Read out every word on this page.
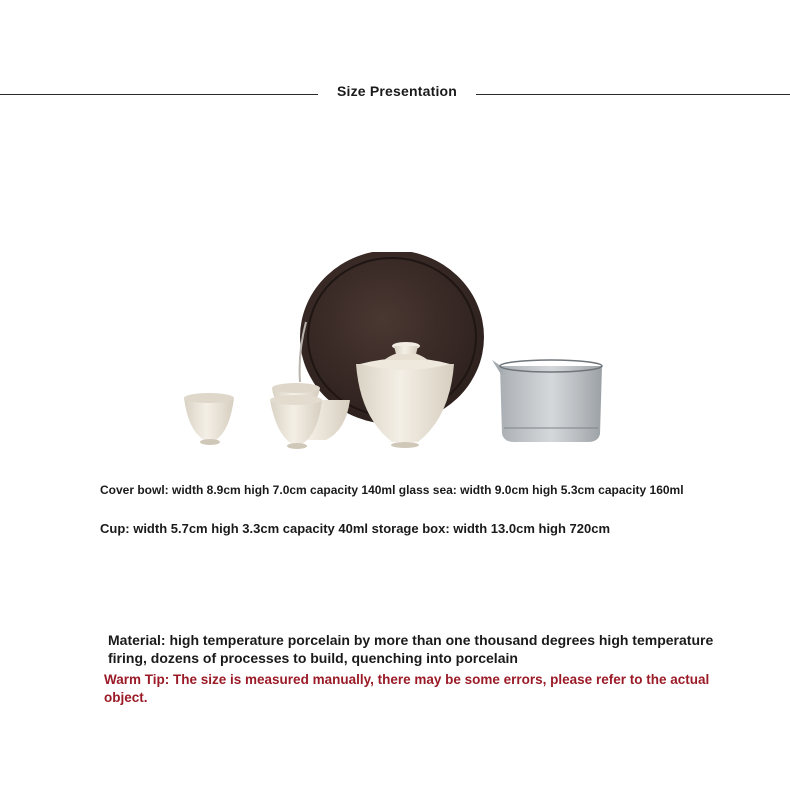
Size Presentation
Cover bowl: width 8.9cm high 7.0cm capacity 140ml glass sea: width 9.0cm high 5.3cm capacity 160ml
Cup: width 5.7cm high 3.3cm capacity 40ml storage box: width 13.0cm high 720cm
Material: high temperature porcelain by more than one thousand degrees high temperature firing, dozens of processes to build, quenching into porcelain
Warm Tip: The size is measured manually, there may be some errors, please refer to the actual object.
